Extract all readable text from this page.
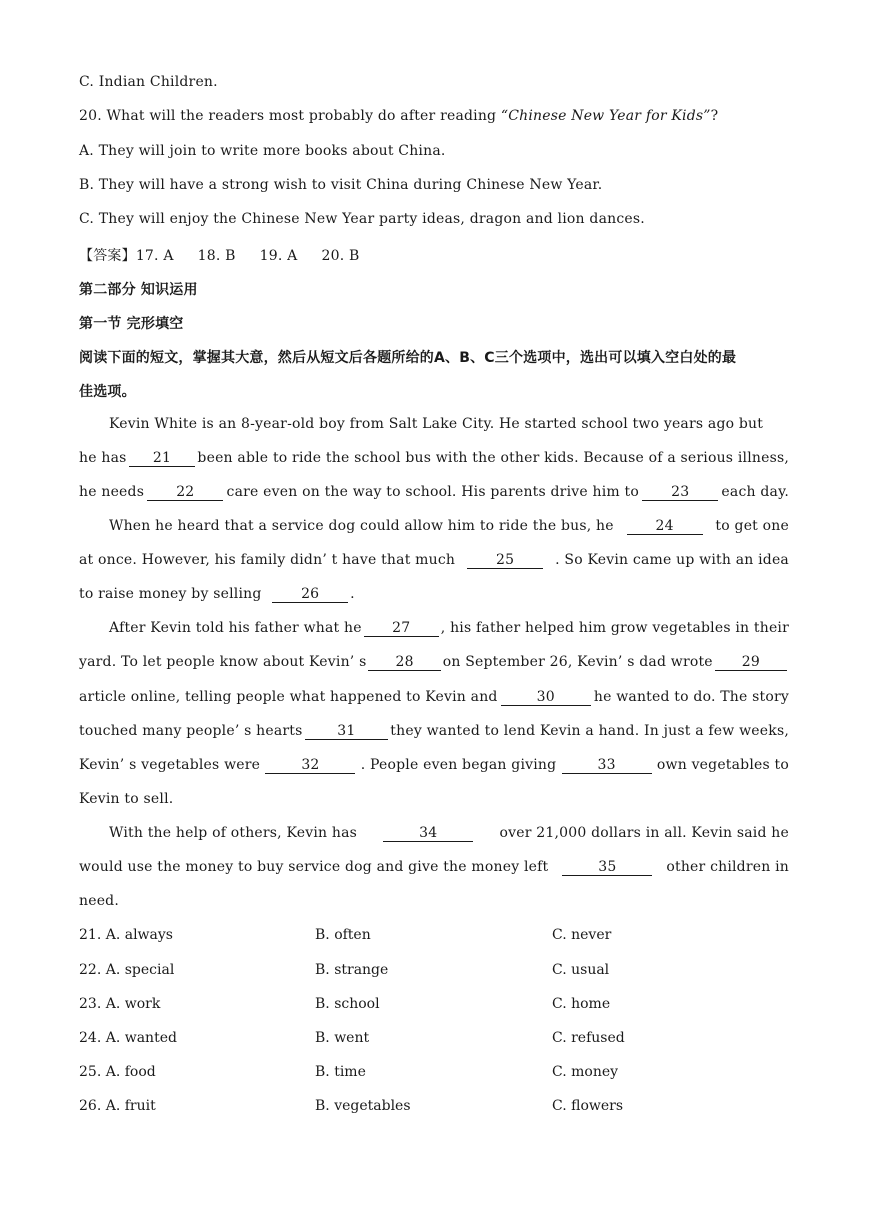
C. Indian Children.
20. What will the readers most probably do after reading “Chinese New Year for Kids”?
A. They will join to write more books about China.
B. They will have a strong wish to visit China during Chinese New Year.
C. They will enjoy the Chinese New Year party ideas, dragon and lion dances.
【答案】17. A 18. B 19. A 20. B
第二部分 知识运用
第一节 完形填空
阅读下面的短文，掌握其大意，然后从短文后各题所给的A、B、C三个选项中，选出可以填入空白处的最
佳选项。
Kevin White is an 8-year-old boy from Salt Lake City. He started school two years ago but
he has	21	been able to ride the school bus with the other kids. Because of a serious illness,
he needs	22	care even on the way to school. His parents drive him to	23	each day.
When he heard that a service dog could allow him to ride the bus, he	24	to get one
at once. However, his family didn’ t have that much	25	. So Kevin came up with an idea
to raise money by selling	26 .
After Kevin told his father what he	27	, his father helped him grow vegetables in their
yard. To let people know about Kevin’ s	28	on September 26, Kevin’ s dad wrote	29
article online, telling people what happened to Kevin and	30	he wanted to do. The story
touched many people’ s hearts	31	they wanted to lend Kevin a hand. In just a few weeks,
Kevin’ s vegetables were	32	. People even began giving	33	own vegetables to
Kevin to sell.
With the help of others, Kevin has	34	over 21,000 dollars in all. Kevin said he
would use the money to buy service dog and give the money left	35	other children in
need.
21. A. always	B. often	C. never
22. A. special	B. strange	C. usual
23. A. work	B. school	C. home
24. A. wanted	B. went	C. refused
25. A. food	B. time	C. money
26. A. fruit	B. vegetables	C. flowers
